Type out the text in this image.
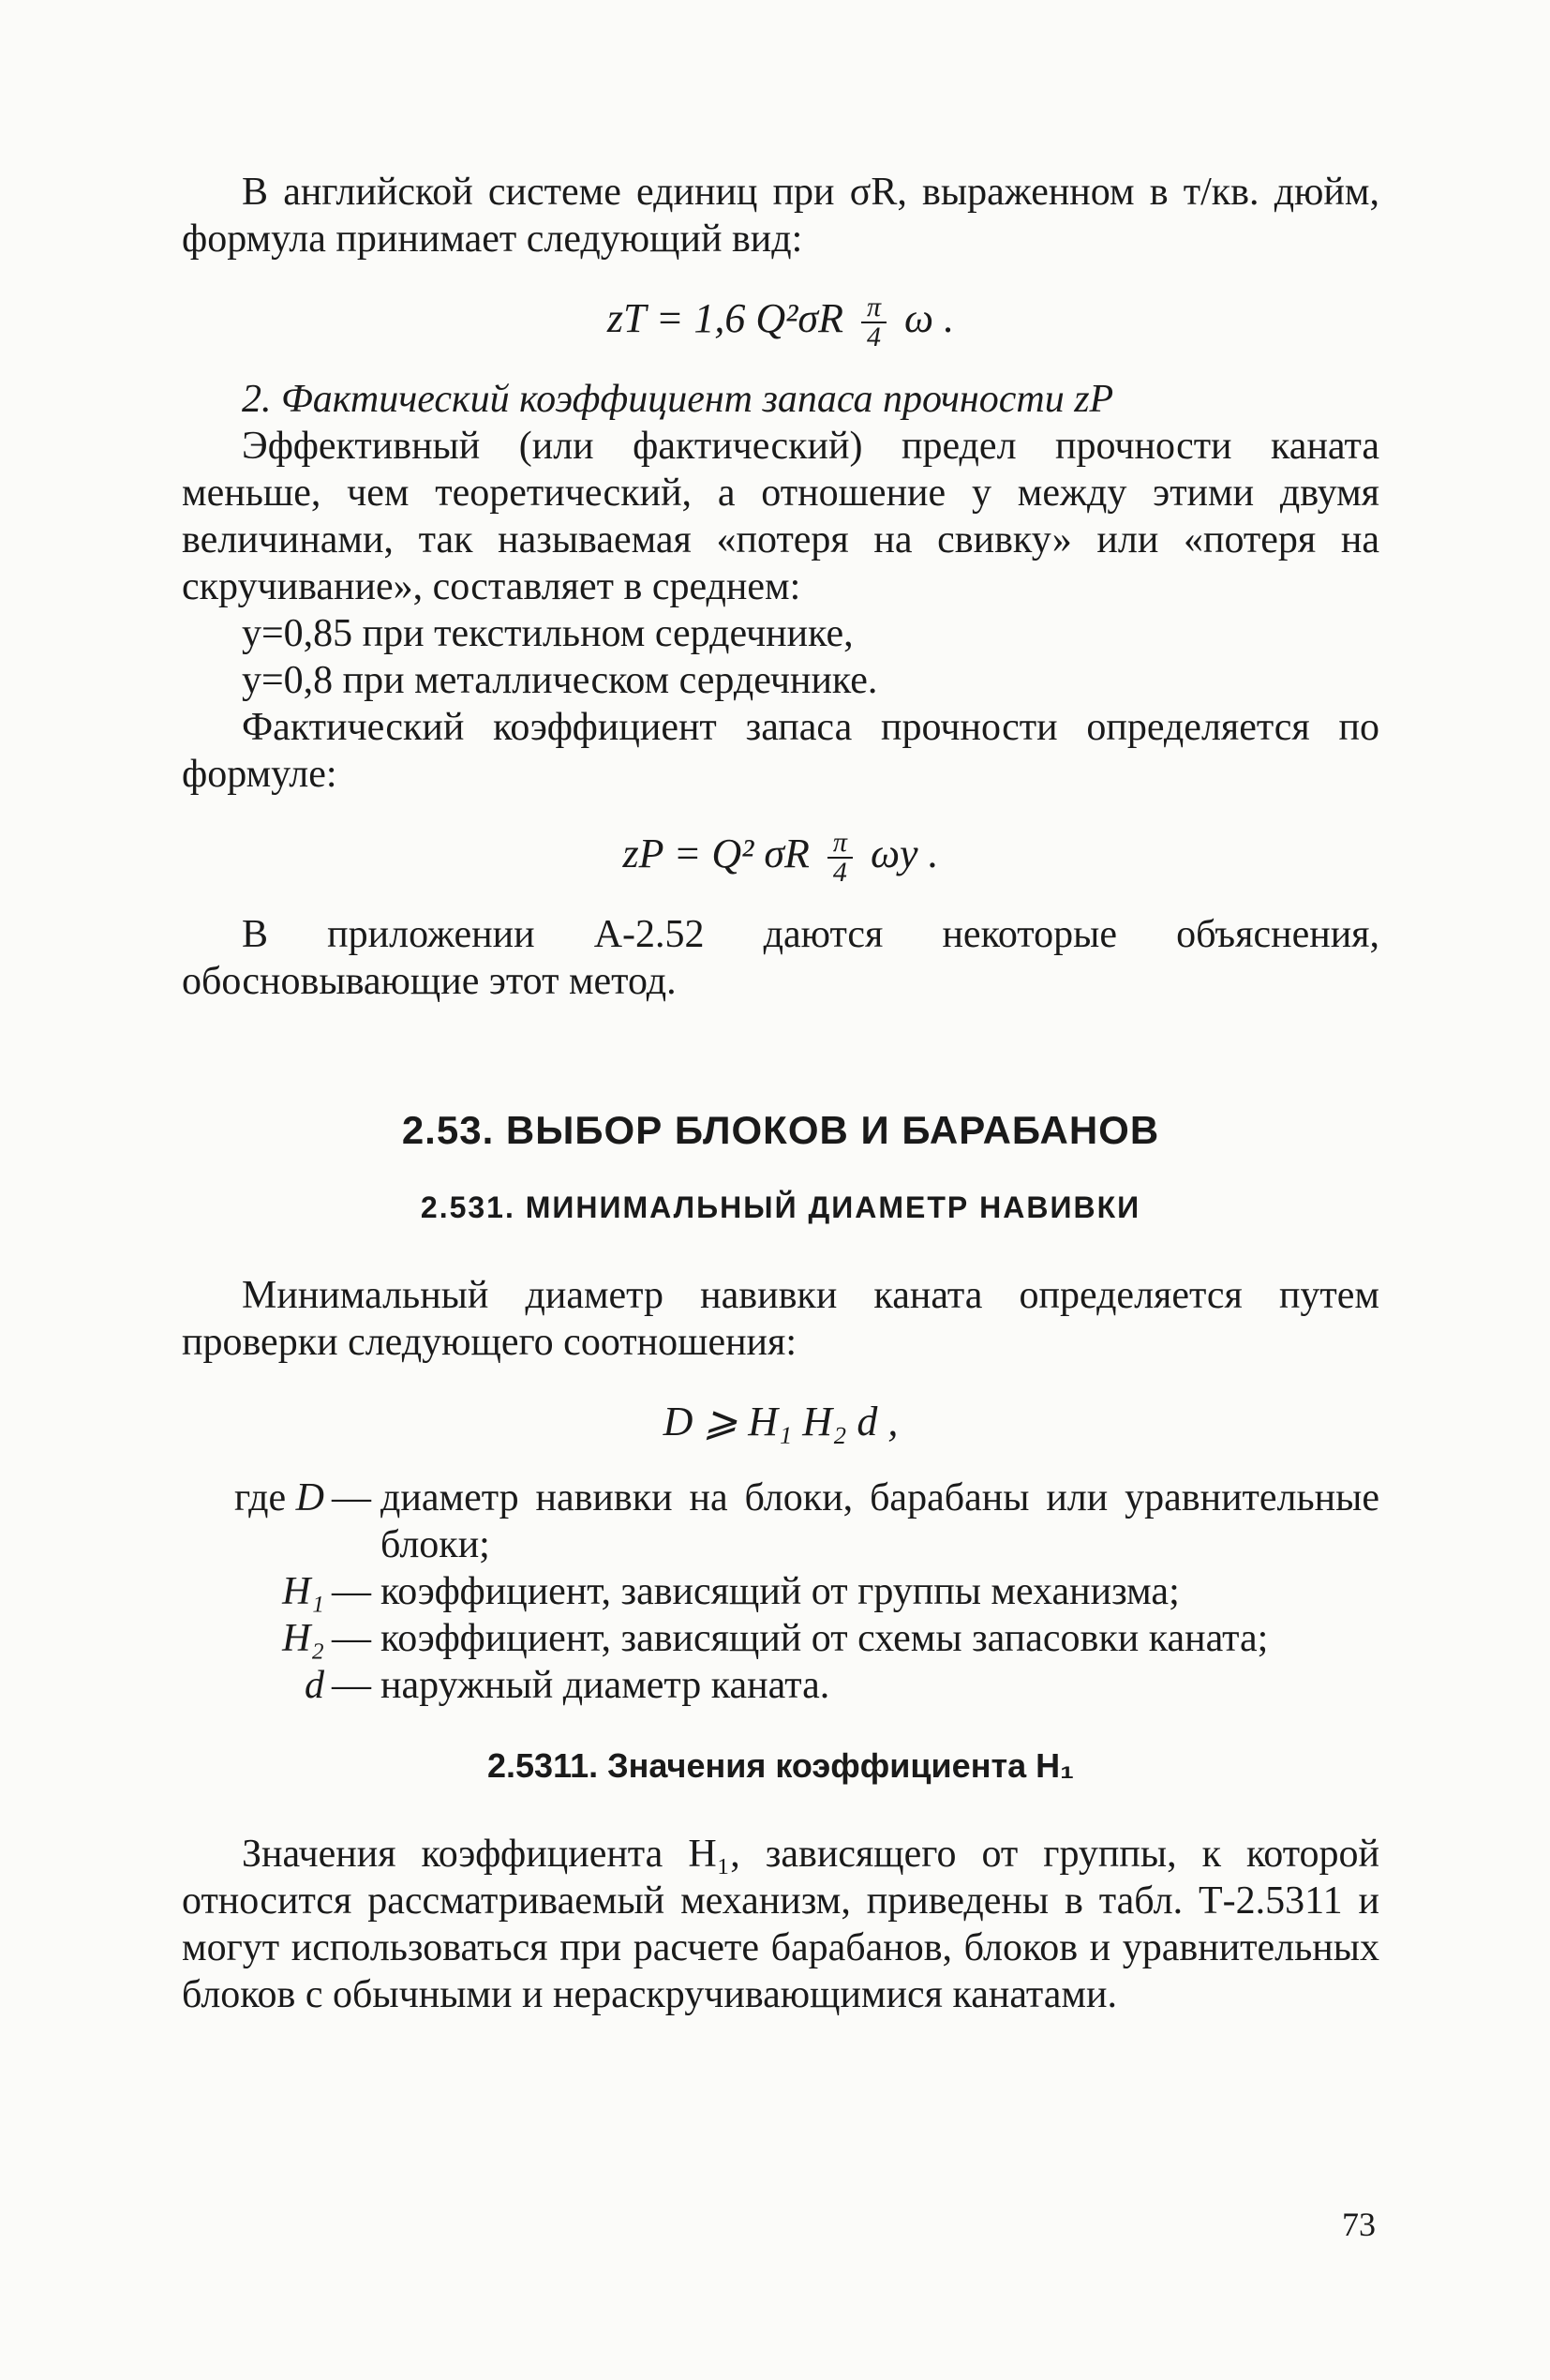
В английской системе единиц при σR, выраженном в т/кв. дюйм, формула принимает следующий вид:

zT = 1,6 $Q^2\sigma R \frac{\pi}{4}$ ω .

2. Фактический коэффициент запаса прочности zP

Эффективный (или фактический) предел прочности каната меньше, чем теоретический, а отношение y между этими двумя величинами, так называемая «потеря на свивку» или «потеря на скручивание», составляет в среднем:

y=0,85 при текстильном сердечнике,

y=0,8 при металлическом сердечнике.

Фактический коэффициент запаса прочности определяется по формуле:

zP = Q² σR $\frac{\pi}{4}$ ωy .

В приложении А-2.52 даются некоторые объяснения, обосновывающие этот метод.

2.53. ВЫБОР БЛОКОВ И БАРАБАНОВ
2.531. МИНИМАЛЬНЫЙ ДИАМЕТР НАВИВКИ

Минимальный диаметр навивки каната определяется путем проверки следующего соотношения:

D ⩾ H₁ H₂ d ,
где D — диаметр навивки на блоки, барабаны или уравнительные блоки;
H₁ — коэффициент, зависящий от группы механизма;
H₂ — коэффициент, зависящий от схемы запасовки каната;
d — наружный диаметр каната.
2.5311. Значения коэффициента H₁

Значения коэффициента H₁, зависящего от группы, к которой относится рассматриваемый механизм, приведены в табл. Т-2.5311 и могут использоваться при расчете барабанов, блоков и уравнительных блоков с обычными и нераскручивающимися канатами.

73
